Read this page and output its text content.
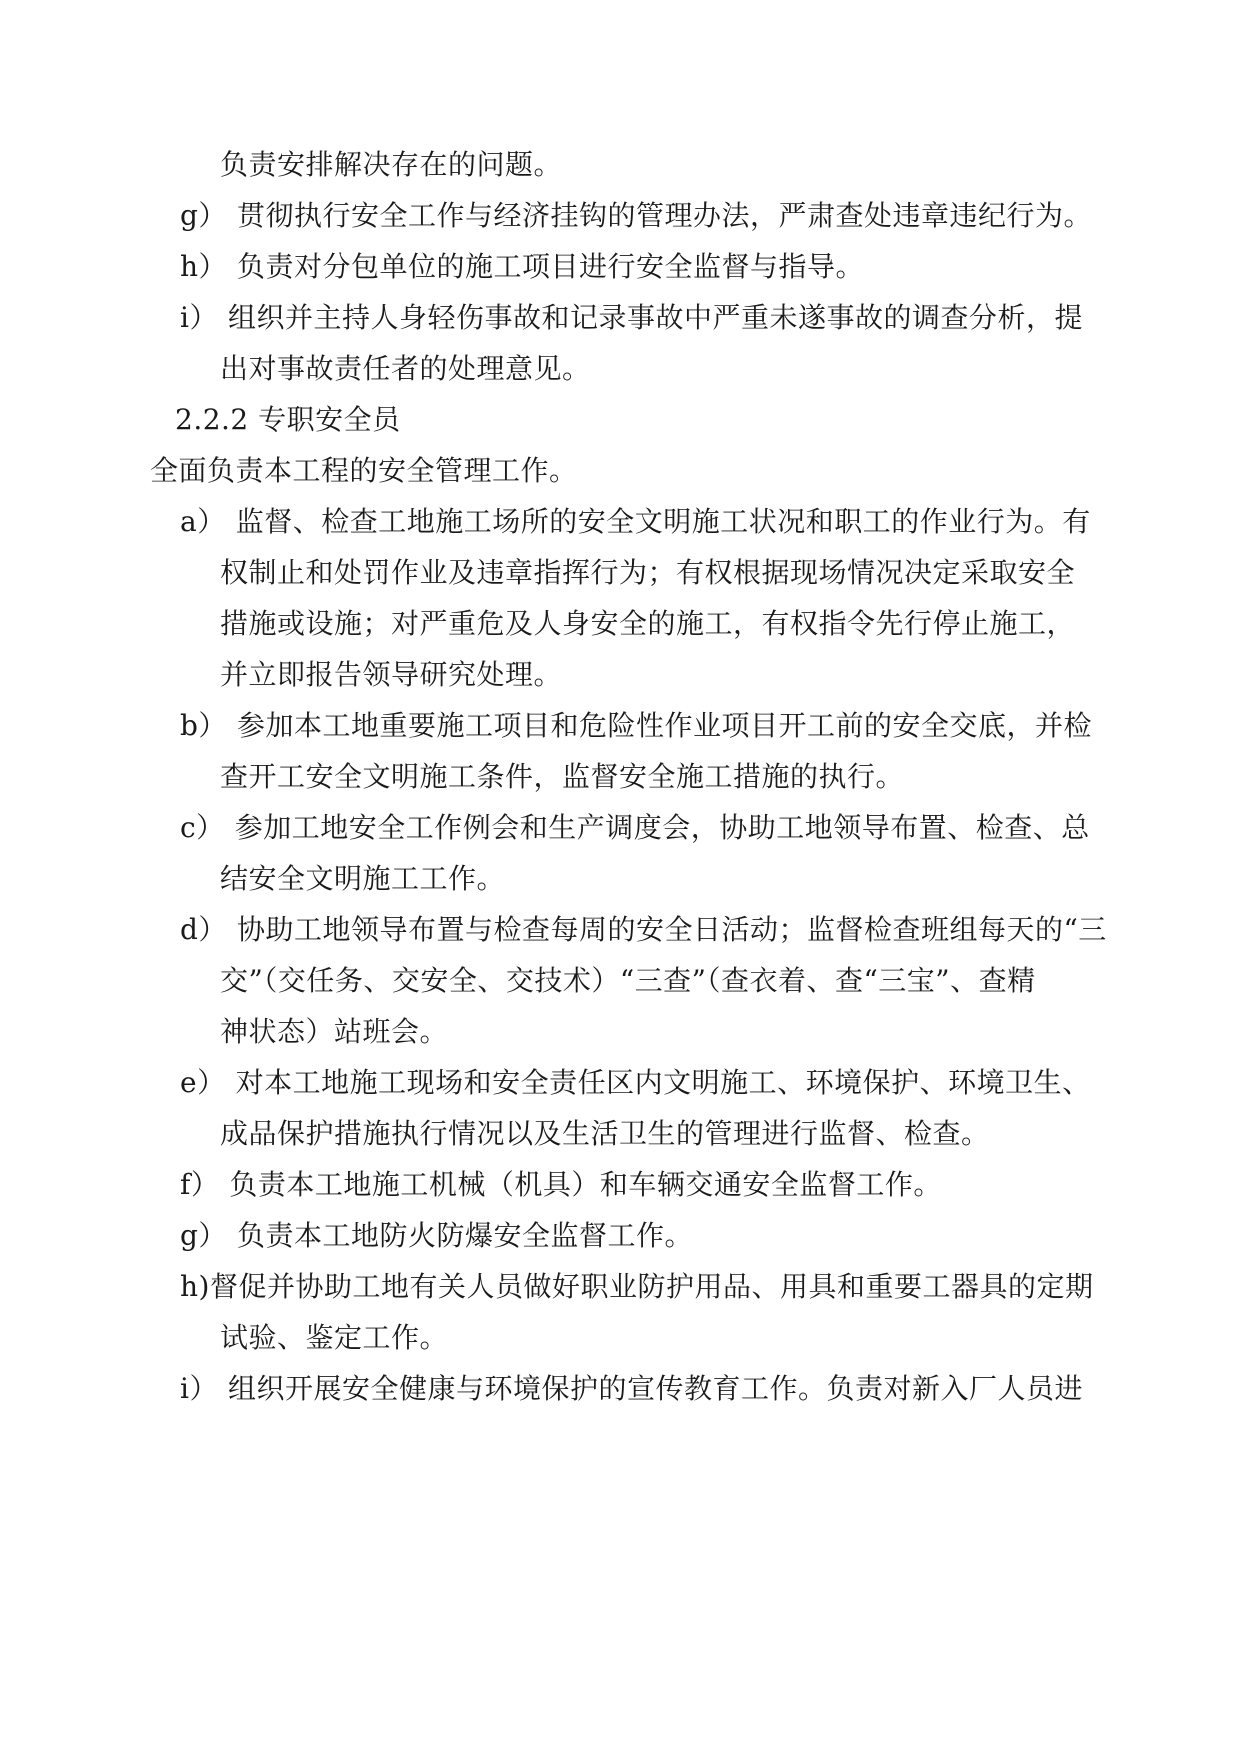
负责安排解决存在的问题。
g） 贯彻执行安全工作与经济挂钩的管理办法，严肃查处违章违纪行为。
h） 负责对分包单位的施工项目进行安全监督与指导。
i） 组织并主持人身轻伤事故和记录事故中严重未遂事故的调查分析，提
出对事故责任者的处理意见。
2.2.2 专职安全员
全面负责本工程的安全管理工作。
a） 监督、检查工地施工场所的安全文明施工状况和职工的作业行为。有
权制止和处罚作业及违章指挥行为；有权根据现场情况决定采取安全
措施或设施；对严重危及人身安全的施工，有权指令先行停止施工，
并立即报告领导研究处理。
b） 参加本工地重要施工项目和危险性作业项目开工前的安全交底，并检
查开工安全文明施工条件，监督安全施工措施的执行。
c） 参加工地安全工作例会和生产调度会，协助工地领导布置、检查、总
结安全文明施工工作。
d） 协助工地领导布置与检查每周的安全日活动；监督检查班组每天的“三
交”（交任务、交安全、交技术）“三查”（查衣着、查“三宝”、查精
神状态）站班会。
e） 对本工地施工现场和安全责任区内文明施工、环境保护、环境卫生、
成品保护措施执行情况以及生活卫生的管理进行监督、检查。
f） 负责本工地施工机械（机具）和车辆交通安全监督工作。
g） 负责本工地防火防爆安全监督工作。
h)督促并协助工地有关人员做好职业防护用品、用具和重要工器具的定期
试验、鉴定工作。
i） 组织开展安全健康与环境保护的宣传教育工作。负责对新入厂人员进
